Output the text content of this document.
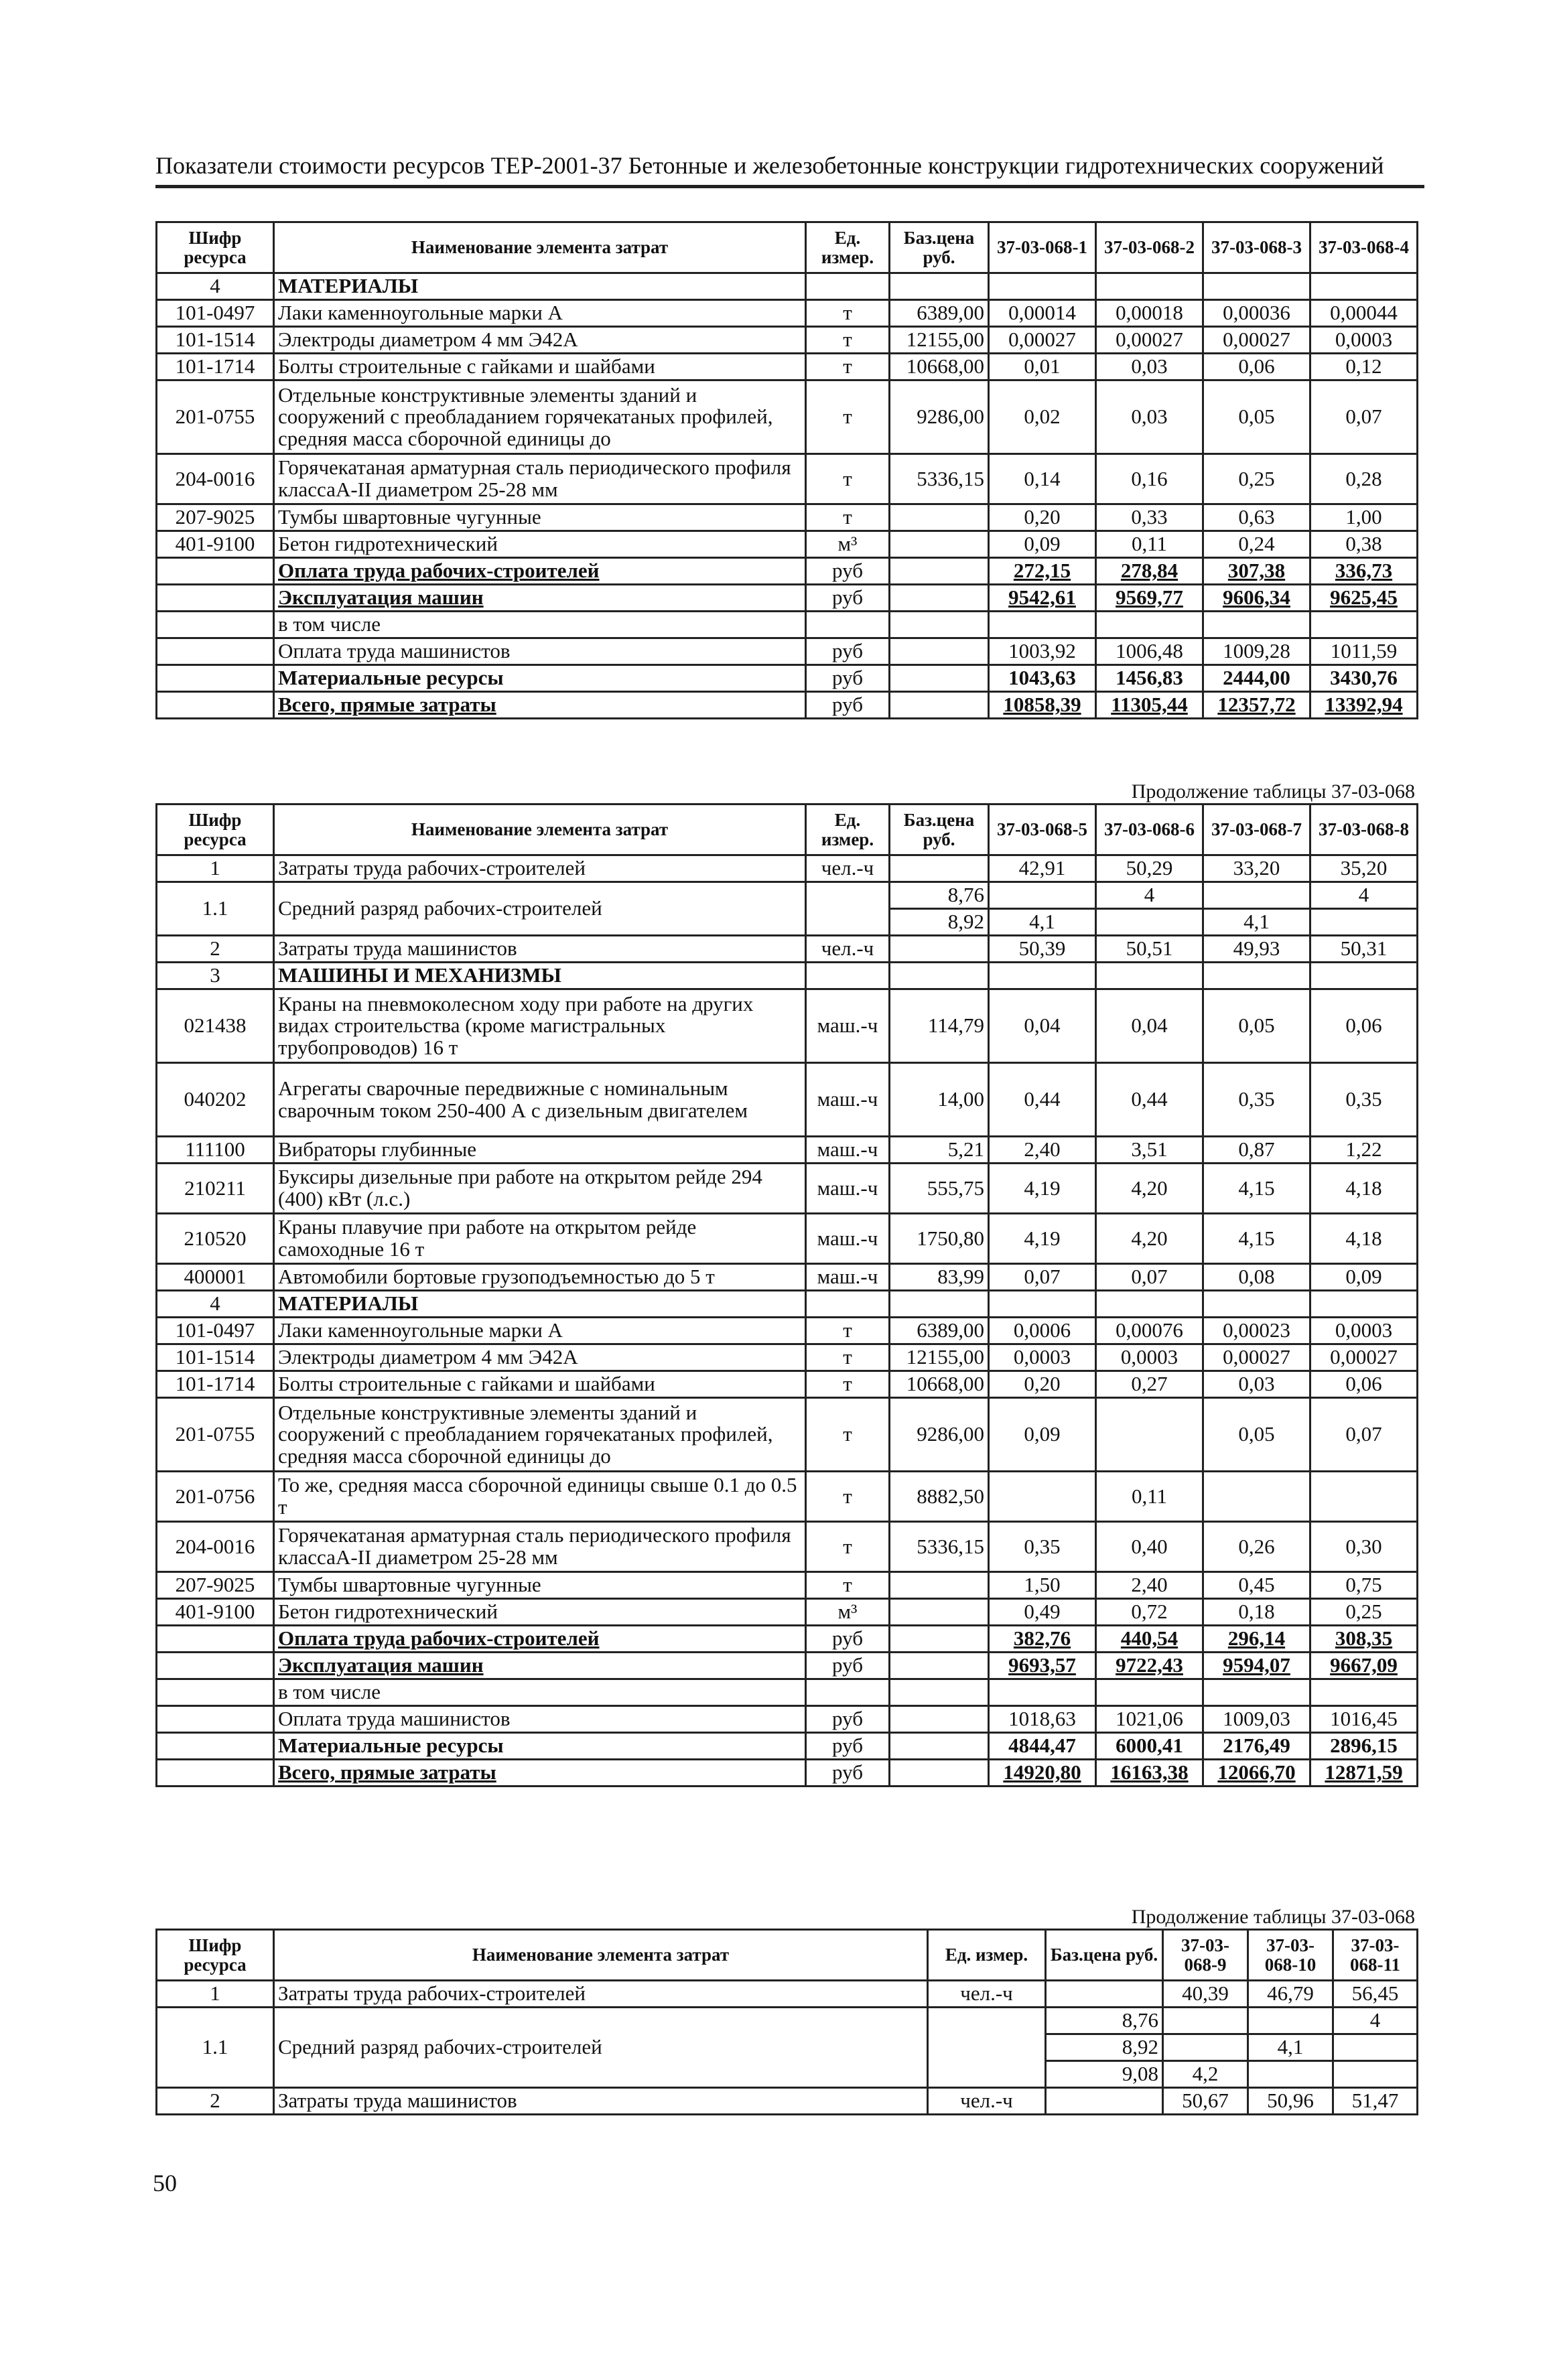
Показатели стоимости ресурсов ТЕР-2001-37 Бетонные и железобетонные конструкции гидротехнических сооружений
Шифр ресурса	Наименование элемента затрат	Ед. измер.	Баз.цена руб.	37-03-068-1	37-03-068-2	37-03-068-3	37-03-068-4
4	МАТЕРИАЛЫ						
101-0497	Лаки каменноугольные марки А	т	6389,00	0,00014	0,00018	0,00036	0,00044
101-1514	Электроды диаметром 4 мм Э42А	т	12155,00	0,00027	0,00027	0,00027	0,0003
101-1714	Болты строительные с гайками и шайбами	т	10668,00	0,01	0,03	0,06	0,12
201-0755	Отдельные конструктивные элементы зданий и сооружений с преобладанием горячекатаных профилей, средняя масса сборочной единицы до	т	9286,00	0,02	0,03	0,05	0,07
204-0016	Горячекатаная арматурная сталь периодического профиля классаА-II диаметром 25-28 мм	т	5336,15	0,14	0,16	0,25	0,28
207-9025	Тумбы швартовные чугунные	т		0,20	0,33	0,63	1,00
401-9100	Бетон гидротехнический	м³		0,09	0,11	0,24	0,38
	Оплата труда рабочих-строителей	руб		272,15	278,84	307,38	336,73
	Эксплуатация машин	руб		9542,61	9569,77	9606,34	9625,45
	в том числе						
	Оплата труда машинистов	руб		1003,92	1006,48	1009,28	1011,59
	Материальные ресурсы	руб		1043,63	1456,83	2444,00	3430,76
	Всего, прямые затраты	руб		10858,39	11305,44	12357,72	13392,94
Продолжение таблицы 37-03-068
Шифр ресурса	Наименование элемента затрат	Ед. измер.	Баз.цена руб.	37-03-068-5	37-03-068-6	37-03-068-7	37-03-068-8
1	Затраты труда рабочих-строителей	чел.-ч		42,91	50,29	33,20	35,20
1.1	Средний разряд рабочих-строителей		8,76		4		4
			8,92	4,1		4,1	
2	Затраты труда машинистов	чел.-ч		50,39	50,51	49,93	50,31
3	МАШИНЫ И МЕХАНИЗМЫ						
021438	Краны на пневмоколесном ходу при работе на других видах строительства (кроме магистральных трубопроводов) 16 т	маш.-ч	114,79	0,04	0,04	0,05	0,06
040202	Агрегаты сварочные передвижные с номинальным сварочным током 250-400 А с дизельным двигателем	маш.-ч	14,00	0,44	0,44	0,35	0,35
111100	Вибраторы глубинные	маш.-ч	5,21	2,40	3,51	0,87	1,22
210211	Буксиры дизельные при работе на открытом рейде 294 (400) кВт (л.с.)	маш.-ч	555,75	4,19	4,20	4,15	4,18
210520	Краны плавучие при работе на открытом рейде самоходные 16 т	маш.-ч	1750,80	4,19	4,20	4,15	4,18
400001	Автомобили бортовые грузоподъемностью до 5 т	маш.-ч	83,99	0,07	0,07	0,08	0,09
4	МАТЕРИАЛЫ						
101-0497	Лаки каменноугольные марки А	т	6389,00	0,0006	0,00076	0,00023	0,0003
101-1514	Электроды диаметром 4 мм Э42А	т	12155,00	0,0003	0,0003	0,00027	0,00027
101-1714	Болты строительные с гайками и шайбами	т	10668,00	0,20	0,27	0,03	0,06
201-0755	Отдельные конструктивные элементы зданий и сооружений с преобладанием горячекатаных профилей, средняя масса сборочной единицы до	т	9286,00	0,09		0,05	0,07
201-0756	То же, средняя масса сборочной единицы свыше 0.1 до 0.5 т	т	8882,50		0,11		
204-0016	Горячекатаная арматурная сталь периодического профиля классаА-II диаметром 25-28 мм	т	5336,15	0,35	0,40	0,26	0,30
207-9025	Тумбы швартовные чугунные	т		1,50	2,40	0,45	0,75
401-9100	Бетон гидротехнический	м³		0,49	0,72	0,18	0,25
	Оплата труда рабочих-строителей	руб		382,76	440,54	296,14	308,35
	Эксплуатация машин	руб		9693,57	9722,43	9594,07	9667,09
	в том числе						
	Оплата труда машинистов	руб		1018,63	1021,06	1009,03	1016,45
	Материальные ресурсы	руб		4844,47	6000,41	2176,49	2896,15
	Всего, прямые затраты	руб		14920,80	16163,38	12066,70	12871,59
Продолжение таблицы 37-03-068
Шифр ресурса	Наименование элемента затрат	Ед. измер.	Баз.цена руб.	37-03-068-9	37-03-068-10	37-03-068-11
1	Затраты труда рабочих-строителей	чел.-ч		40,39	46,79	56,45
1.1	Средний разряд рабочих-строителей		8,76			4
			8,92		4,1	
			9,08	4,2		
2	Затраты труда машинистов	чел.-ч		50,67	50,96	51,47
50
